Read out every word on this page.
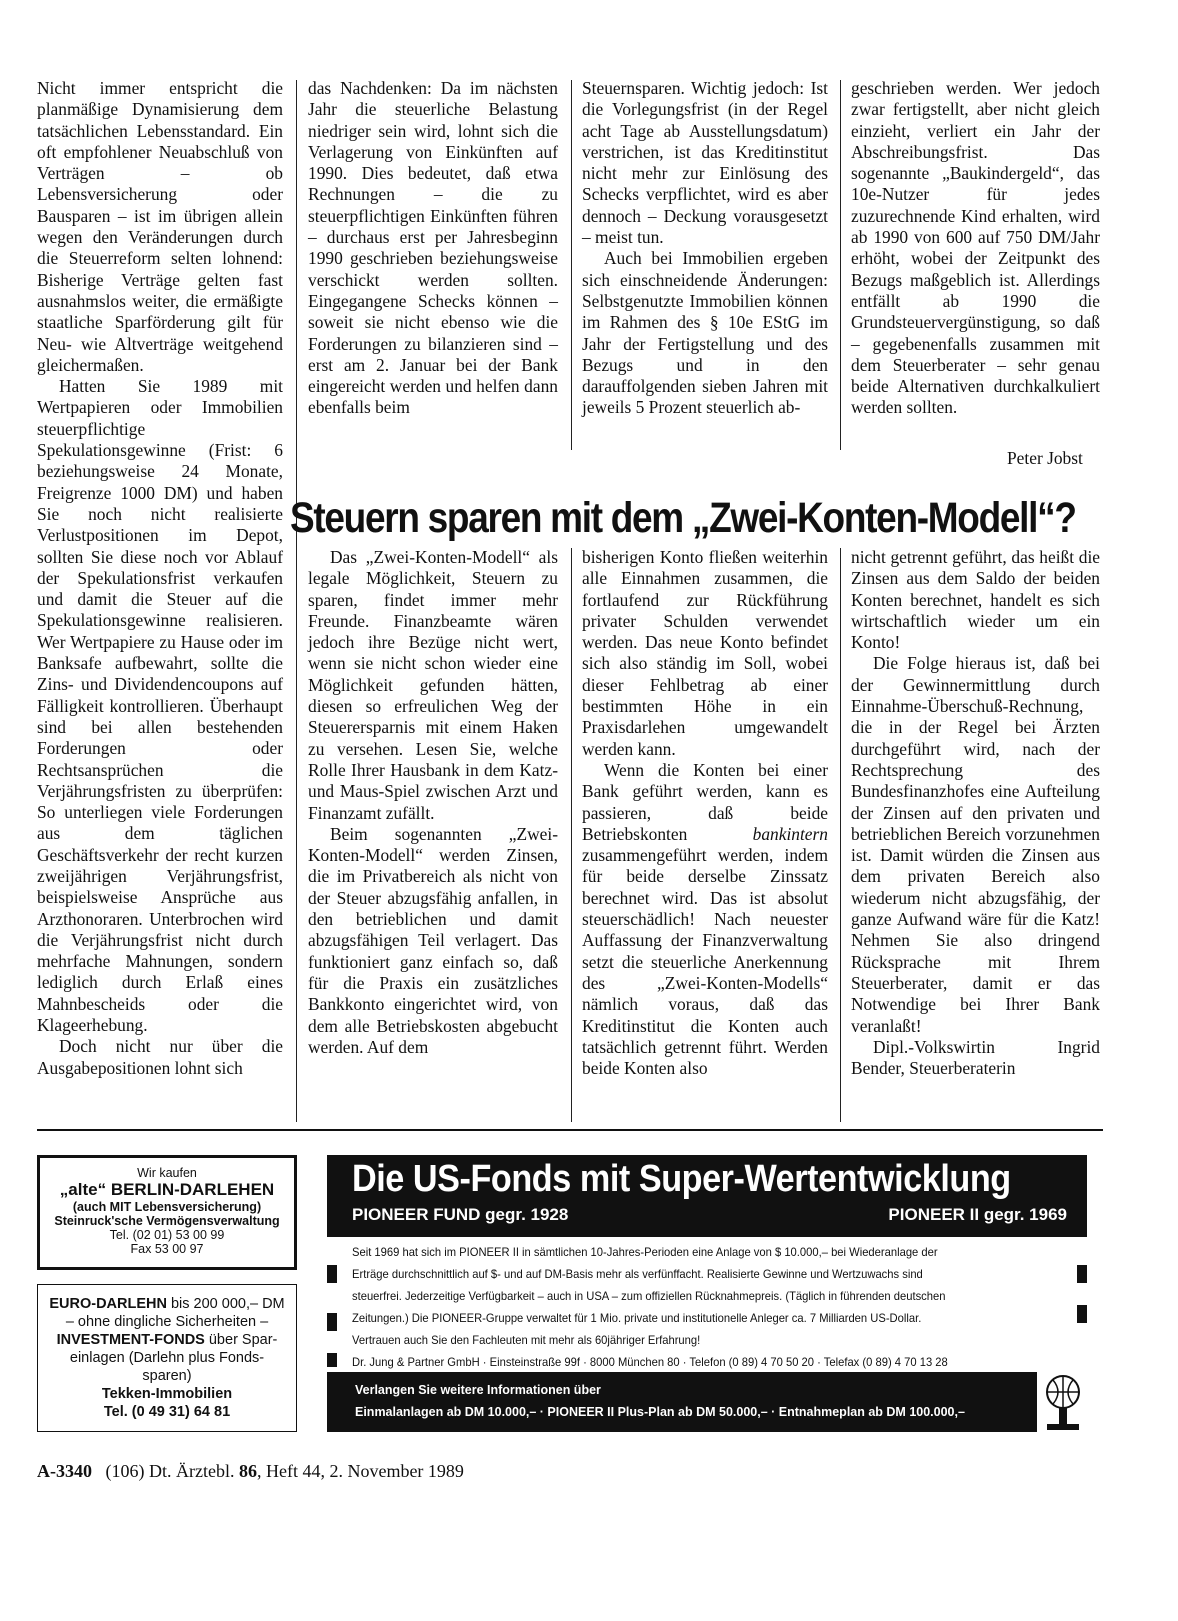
Nicht immer entspricht die planmäßige Dynamisierung dem tatsächlichen Lebensstandard. Ein oft empfohlener Neuabschluß von Verträgen – ob Lebensversicherung oder Bausparen – ist im übrigen allein wegen den Veränderungen durch die Steuerreform selten lohnend: Bisherige Verträge gelten fast ausnahmslos weiter, die ermäßigte staatliche Sparförderung gilt für Neu- wie Altverträge weitgehend gleichermaßen.

Hatten Sie 1989 mit Wertpapieren oder Immobilien steuerpflichtige Spekulationsgewinne (Frist: 6 beziehungsweise 24 Monate, Freigrenze 1000 DM) und haben Sie noch nicht realisierte Verlustpositionen im Depot, sollten Sie diese noch vor Ablauf der Spekulationsfrist verkaufen und damit die Steuer auf die Spekulationsgewinne realisieren. Wer Wertpapiere zu Hause oder im Banksafe aufbewahrt, sollte die Zins- und Dividendencoupons auf Fälligkeit kontrollieren. Überhaupt sind bei allen bestehenden Forderungen oder Rechtsansprüchen die Verjährungsfristen zu überprüfen: So unterliegen viele Forderungen aus dem täglichen Geschäftsverkehr der recht kurzen zweijährigen Verjährungsfrist, beispielsweise Ansprüche aus Arzthonoraren. Unterbrochen wird die Verjährungsfrist nicht durch mehrfache Mahnungen, sondern lediglich durch Erlaß eines Mahnbescheids oder die Klageerhebung.

Doch nicht nur über die Ausgabepositionen lohnt sich

das Nachdenken: Da im nächsten Jahr die steuerliche Belastung niedriger sein wird, lohnt sich die Verlagerung von Einkünften auf 1990. Dies bedeutet, daß etwa Rechnungen – die zu steuerpflichtigen Einkünften führen – durchaus erst per Jahresbeginn 1990 geschrieben beziehungsweise verschickt werden sollten. Eingegangene Schecks können – soweit sie nicht ebenso wie die Forderungen zu bilanzieren sind – erst am 2. Januar bei der Bank eingereicht werden und helfen dann ebenfalls beim

Steuernsparen. Wichtig jedoch: Ist die Vorlegungsfrist (in der Regel acht Tage ab Ausstellungsdatum) verstrichen, ist das Kreditinstitut nicht mehr zur Einlösung des Schecks verpflichtet, wird es aber dennoch – Deckung vorausgesetzt – meist tun.

Auch bei Immobilien ergeben sich einschneidende Änderungen: Selbstgenutzte Immobilien können im Rahmen des § 10e EStG im Jahr der Fertigstellung und des Bezugs und in den darauffolgenden sieben Jahren mit jeweils 5 Prozent steuerlich ab-

geschrieben werden. Wer jedoch zwar fertigstellt, aber nicht gleich einzieht, verliert ein Jahr der Abschreibungsfrist. Das sogenannte „Baukindergeld“, das 10e-Nutzer für jedes zuzurechnende Kind erhalten, wird ab 1990 von 600 auf 750 DM/Jahr erhöht, wobei der Zeitpunkt des Bezugs maßgeblich ist. Allerdings entfällt ab 1990 die Grundsteuervergünstigung, so daß – gegebenenfalls zusammen mit dem Steuerberater – sehr genau beide Alternativen durchkalkuliert werden sollten.

Peter Jobst
Steuern sparen mit dem „Zwei-Konten-Modell“?

Das „Zwei-Konten-Modell“ als legale Möglichkeit, Steuern zu sparen, findet immer mehr Freunde. Finanzbeamte wären jedoch ihre Bezüge nicht wert, wenn sie nicht schon wieder eine Möglichkeit gefunden hätten, diesen so erfreulichen Weg der Steuerersparnis mit einem Haken zu versehen. Lesen Sie, welche Rolle Ihrer Hausbank in dem Katz- und Maus-Spiel zwischen Arzt und Finanzamt zufällt.

Beim sogenannten „Zwei-Konten-Modell“ werden Zinsen, die im Privatbereich als nicht von der Steuer abzugsfähig anfallen, in den betrieblichen und damit abzugsfähigen Teil verlagert. Das funktioniert ganz einfach so, daß für die Praxis ein zusätzliches Bankkonto eingerichtet wird, von dem alle Betriebskosten abgebucht werden. Auf dem

bisherigen Konto fließen weiterhin alle Einnahmen zusammen, die fortlaufend zur Rückführung privater Schulden verwendet werden. Das neue Konto befindet sich also ständig im Soll, wobei dieser Fehlbetrag ab einer bestimmten Höhe in ein Praxisdarlehen umgewandelt werden kann.

Wenn die Konten bei einer Bank geführt werden, kann es passieren, daß beide Betriebskonten bankintern zusammengeführt werden, indem für beide derselbe Zinssatz berechnet wird. Das ist absolut steuerschädlich! Nach neuester Auffassung der Finanzverwaltung setzt die steuerliche Anerkennung des „Zwei-Konten-Modells“ nämlich voraus, daß das Kreditinstitut die Konten auch tatsächlich getrennt führt. Werden beide Konten also

nicht getrennt geführt, das heißt die Zinsen aus dem Saldo der beiden Konten berechnet, handelt es sich wirtschaftlich wieder um ein Konto!

Die Folge hieraus ist, daß bei der Gewinnermittlung durch Einnahme-Überschuß-Rechnung, die in der Regel bei Ärzten durchgeführt wird, nach der Rechtsprechung des Bundesfinanzhofes eine Aufteilung der Zinsen auf den privaten und betrieblichen Bereich vorzunehmen ist. Damit würden die Zinsen aus dem privaten Bereich also wiederum nicht abzugsfähig, der ganze Aufwand wäre für die Katz! Nehmen Sie also dringend Rücksprache mit Ihrem Steuerberater, damit er das Notwendige bei Ihrer Bank veranlaßt!

Dipl.-Volkswirtin	Ingrid

Bender, Steuerberaterin

Wir kaufen
„alte“ BERLIN-DARLEHEN
(auch MIT Lebensversicherung)
Steinruck'sche Vermögensverwaltung
Tel. (02 01) 53 00 99
Fax 53 00 97
EURO-DARLEHN bis 200 000,– DM
– ohne dingliche Sicherheiten –
INVESTMENT-FONDS über Spar-
einlagen (Darlehn plus Fonds-
sparen)
Tekken-Immobilien
Tel. (0 49 31) 64 81
Die US-Fonds mit Super-Wertentwicklung
PIONEER FUND gegr. 1928	PIONEER II gegr. 1969
Seit 1969 hat sich im PIONEER II in sämtlichen 10-Jahres-Perioden eine Anlage von $ 10.000,– bei Wiederanlage der
Erträge durchschnittlich auf $- und auf DM-Basis mehr als verfünffacht. Realisierte Gewinne und Wertzuwachs sind
steuerfrei. Jederzeitige Verfügbarkeit – auch in USA – zum offiziellen Rücknahmepreis. (Täglich in führenden deutschen
Zeitungen.) Die PIONEER-Gruppe verwaltet für 1 Mio. private und institutionelle Anleger ca. 7 Milliarden US-Dollar.
Vertrauen auch Sie den Fachleuten mit mehr als 60jähriger Erfahrung!
Dr. Jung & Partner GmbH · Einsteinstraße 99f · 8000 München 80 · Telefon (0 89) 4 70 50 20 · Telefax (0 89) 4 70 13 28
Verlangen Sie weitere Informationen über
Einmalanlagen ab DM 10.000,– · PIONEER II Plus-Plan ab DM 50.000,– · Entnahmeplan ab DM 100.000,–
A-3340 (106) Dt. Ärztebl. 86, Heft 44, 2. November 1989
